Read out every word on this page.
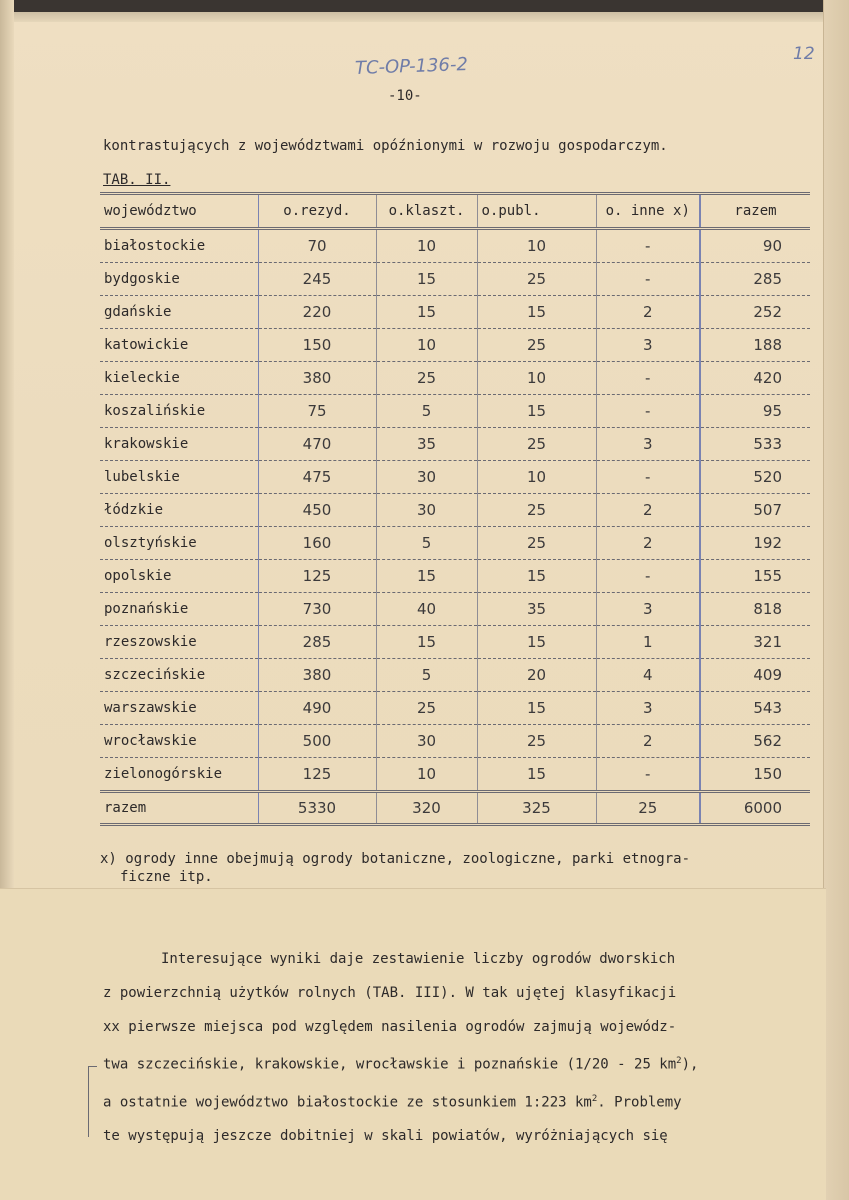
TC-OP-136-2
12
-10-
kontrastujących z województwami opóźnionymi w rozwoju gospodarczym.
TAB. II.
województwo	o.rezyd.	o.klaszt.	o.publ.	o. inne x)	razem
białostockie	70	10	10	-	90
bydgoskie	245	15	25	-	285
gdańskie	220	15	15	2	252
katowickie	150	10	25	3	188
kieleckie	380	25	10	-	420
koszalińskie	75	5	15	-	95
krakowskie	470	35	25	3	533
lubelskie	475	30	10	-	520
łódzkie	450	30	25	2	507
olsztyńskie	160	5	25	2	192
opolskie	125	15	15	-	155
poznańskie	730	40	35	3	818
rzeszowskie	285	15	15	1	321
szczecińskie	380	5	20	4	409
warszawskie	490	25	15	3	543
wrocławskie	500	30	25	2	562
zielonogórskie	125	10	15	-	150
razem	5330	320	325	25	6000
x) ogrody inne obejmują ogrody botaniczne, zoologiczne, parki etnogra-
ficzne itp.
Interesujące wyniki daje zestawienie liczby ogrodów dworskich
z powierzchnią użytków rolnych (TAB. III). W tak ujętej klasyfikacji
xx pierwsze miejsca pod względem nasilenia ogrodów zajmują wojewódz-
twa szczecińskie, krakowskie, wrocławskie i poznańskie (1/20 - 25 $km^2$),
a ostatnie województwo białostockie ze stosunkiem 1:223 $km^2$. Problemy
te występują jeszcze dobitniej w skali powiatów, wyróżniających się
